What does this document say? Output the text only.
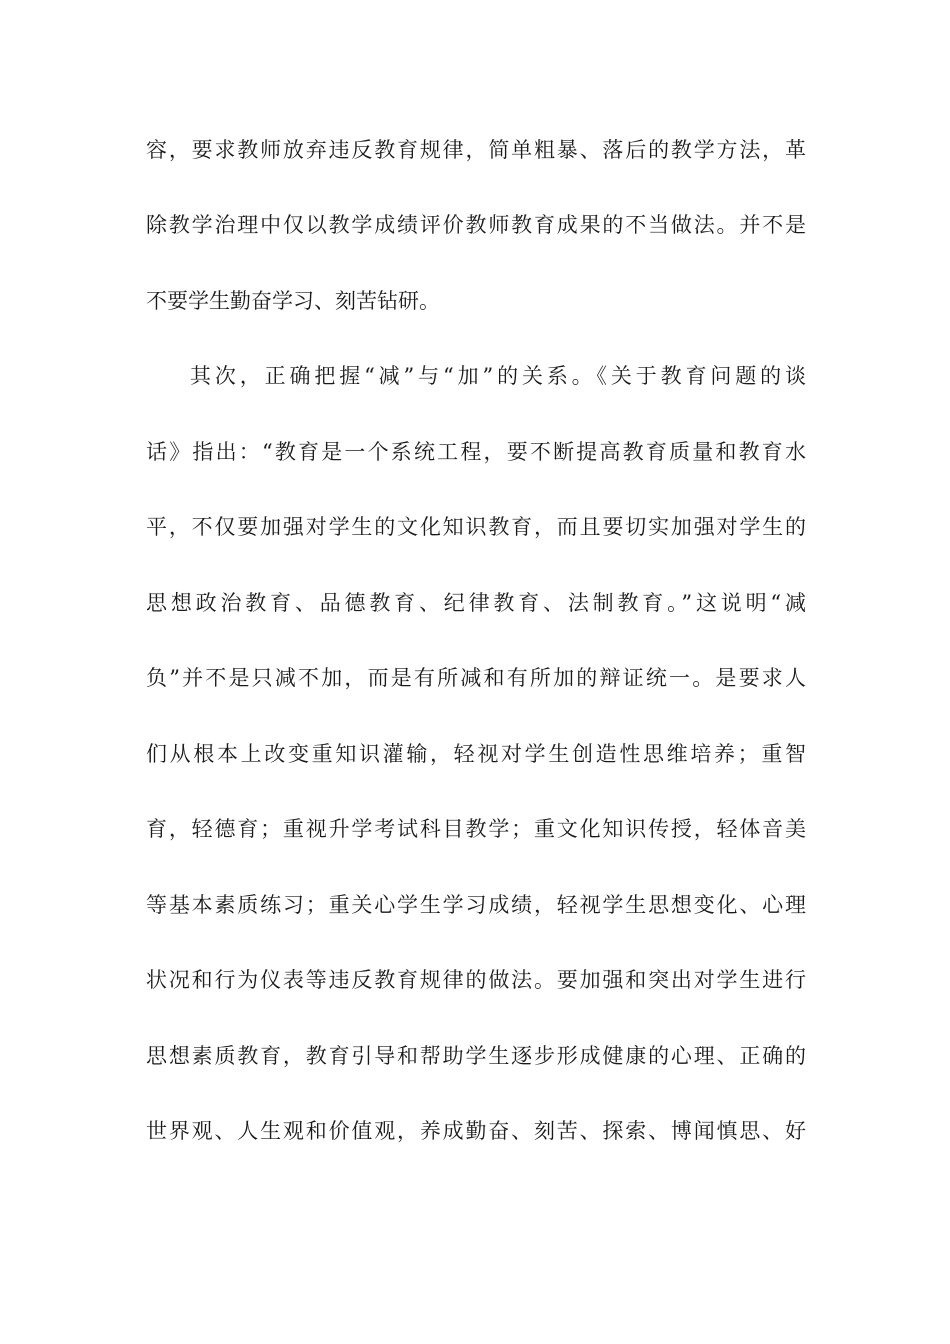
容，要求教师放弃违反教育规律，简单粗暴、落后的教学方法，革
除教学治理中仅以教学成绩评价教师教育成果的不当做法。并不是
不要学生勤奋学习、刻苦钻研。
其次，正确把握“减”与“加”的关系。《关于教育问题的谈
话》指出：“教育是一个系统工程，要不断提高教育质量和教育水
平，不仅要加强对学生的文化知识教育，而且要切实加强对学生的
思想政治教育、品德教育、纪律教育、法制教育。”这说明“减
负”并不是只减不加，而是有所减和有所加的辩证统一。是要求人
们从根本上改变重知识灌输，轻视对学生创造性思维培养；重智
育，轻德育；重视升学考试科目教学；重文化知识传授，轻体音美
等基本素质练习；重关心学生学习成绩，轻视学生思想变化、心理
状况和行为仪表等违反教育规律的做法。要加强和突出对学生进行
思想素质教育，教育引导和帮助学生逐步形成健康的心理、正确的
世界观、人生观和价值观，养成勤奋、刻苦、探索、博闻慎思、好
